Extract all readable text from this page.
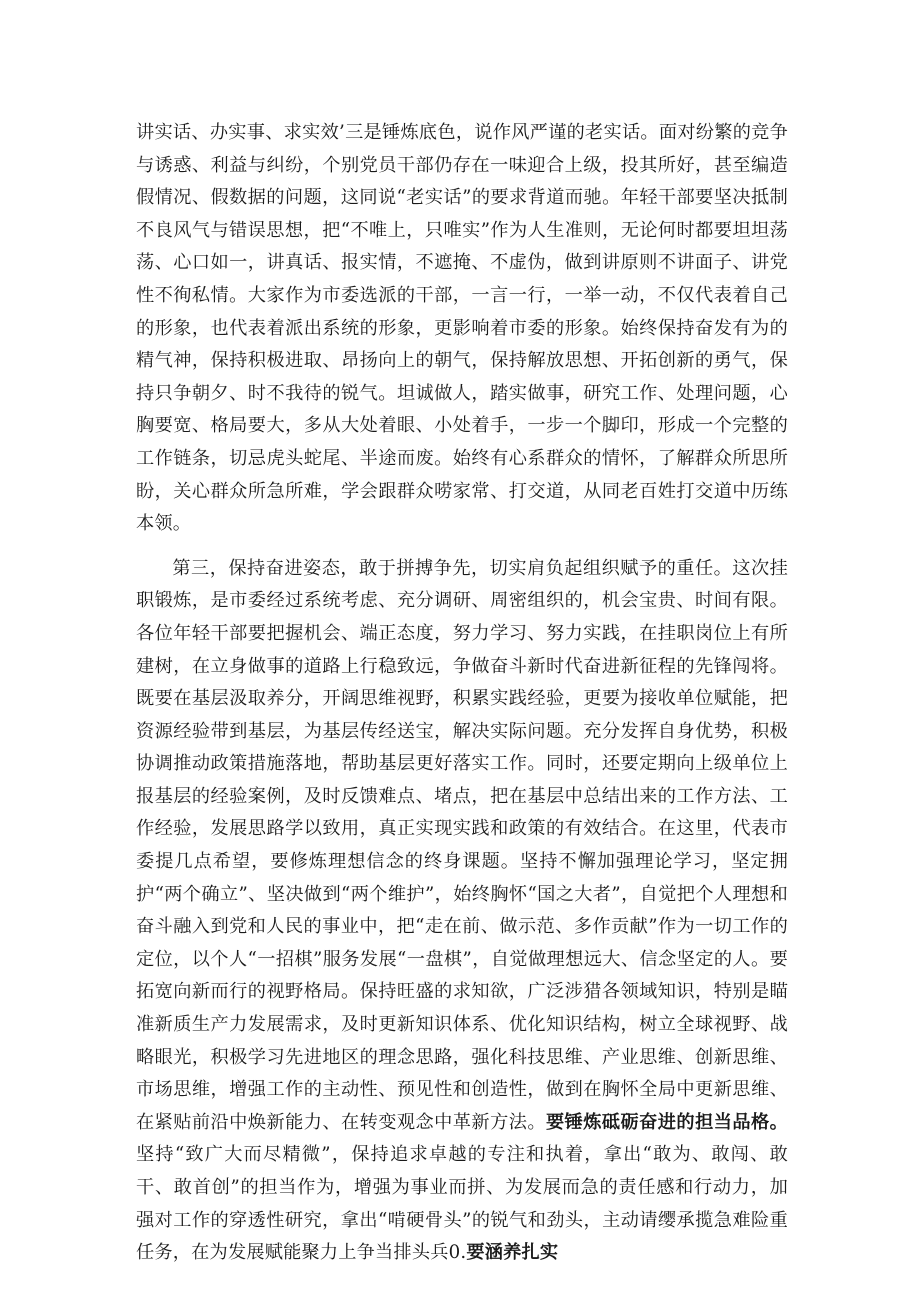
讲实话、办实事、求实效’三是锤炼底色，说作风严谨的老实话。面对纷繁的竞争与诱惑、利益与纠纷，个别党员干部仍存在一味迎合上级，投其所好，甚至编造假情况、假数据的问题，这同说“老实话”的要求背道而驰。年轻干部要坚决抵制不良风气与错误思想，把“不唯上，只唯实”作为人生准则，无论何时都要坦坦荡荡、心口如一，讲真话、报实情，不遮掩、不虚伪，做到讲原则不讲面子、讲党性不徇私情。大家作为市委选派的干部，一言一行，一举一动，不仅代表着自己的形象，也代表着派出系统的形象，更影响着市委的形象。始终保持奋发有为的精气神，保持积极进取、昂扬向上的朝气，保持解放思想、开拓创新的勇气，保持只争朝夕、时不我待的锐气。坦诚做人，踏实做事，研究工作、处理问题，心胸要宽、格局要大，多从大处着眼、小处着手，一步一个脚印，形成一个完整的工作链条，切忌虎头蛇尾、半途而废。始终有心系群众的情怀，了解群众所思所盼，关心群众所急所难，学会跟群众唠家常、打交道，从同老百姓打交道中历练本领。

第三，保持奋进姿态，敢于拼搏争先，切实肩负起组织赋予的重任。这次挂职锻炼，是市委经过系统考虑、充分调研、周密组织的，机会宝贵、时间有限。各位年轻干部要把握机会、端正态度，努力学习、努力实践，在挂职岗位上有所建树，在立身做事的道路上行稳致远，争做奋斗新时代奋进新征程的先锋闯将。既要在基层汲取养分，开阔思维视野，积累实践经验，更要为接收单位赋能，把资源经验带到基层，为基层传经送宝，解决实际问题。充分发挥自身优势，积极协调推动政策措施落地，帮助基层更好落实工作。同时，还要定期向上级单位上报基层的经验案例，及时反馈难点、堵点，把在基层中总结出来的工作方法、工作经验，发展思路学以致用，真正实现实践和政策的有效结合。在这里，代表市委提几点希望，要修炼理想信念的终身课题。坚持不懈加强理论学习，坚定拥护“两个确立”、坚决做到“两个维护”，始终胸怀“国之大者”，自觉把个人理想和奋斗融入到党和人民的事业中，把“走在前、做示范、多作贡献”作为一切工作的定位，以个人“一招棋”服务发展“一盘棋”，自觉做理想远大、信念坚定的人。要拓宽向新而行的视野格局。保持旺盛的求知欲，广泛涉猎各领域知识，特别是瞄准新质生产力发展需求，及时更新知识体系、优化知识结构，树立全球视野、战略眼光，积极学习先进地区的理念思路，强化科技思维、产业思维、创新思维、市场思维，增强工作的主动性、预见性和创造性，做到在胸怀全局中更新思维、在紧贴前沿中焕新能力、在转变观念中革新方法。要锤炼砥砺奋进的担当品格。坚持“致广大而尽精微”，保持追求卓越的专注和执着，拿出“敢为、敢闯、敢干、敢首创”的担当作为，增强为事业而拼、为发展而急的责任感和行动力，加强对工作的穿透性研究，拿出“啃硬骨头”的锐气和劲头，主动请缨承揽急难险重任务，在为发展赋能聚力上争当排头兵0.要涵养扎实
